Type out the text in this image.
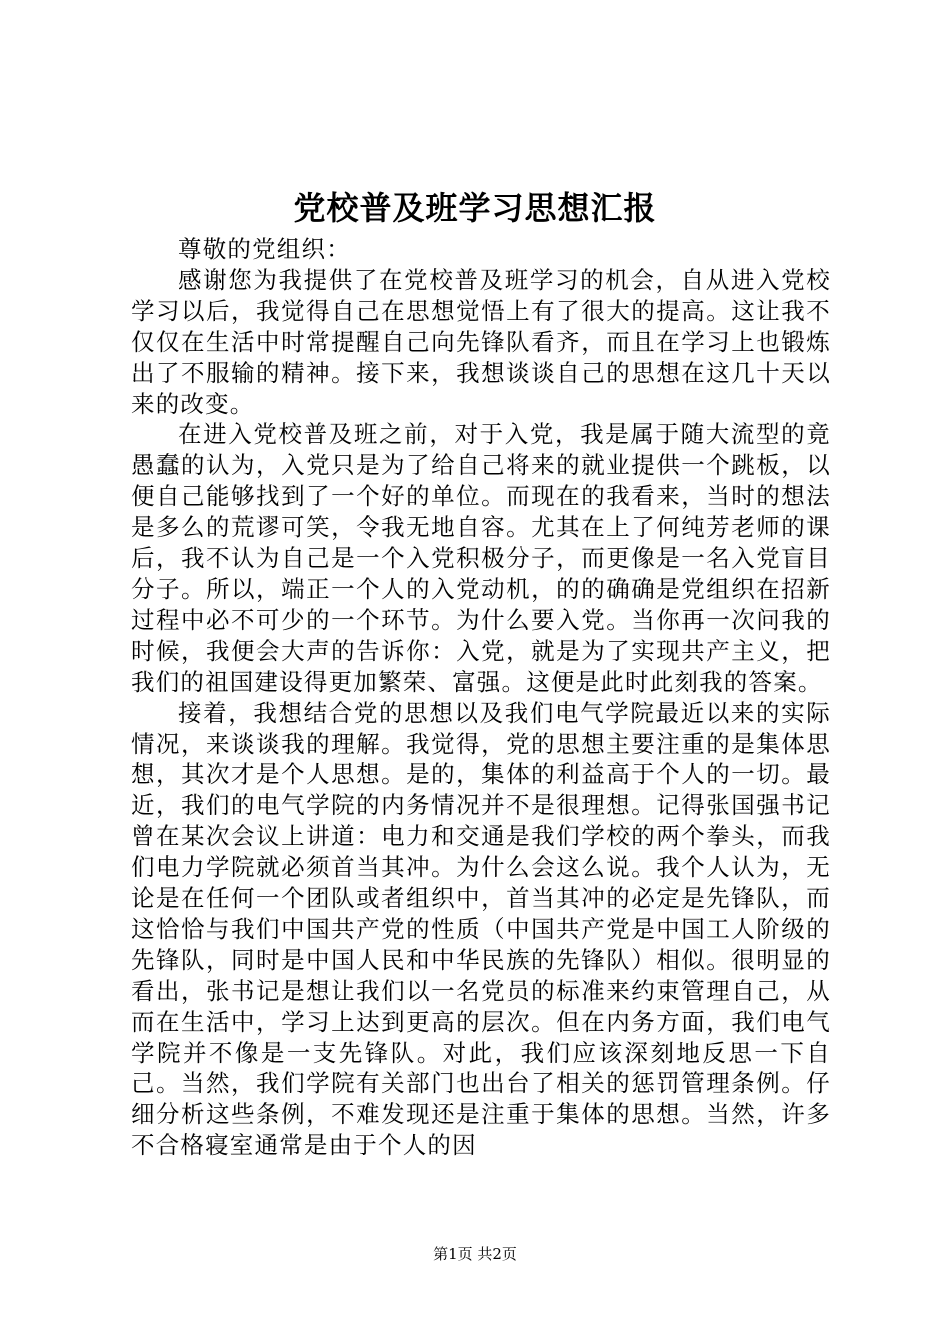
党校普及班学习思想汇报

尊敬的党组织：

感谢您为我提供了在党校普及班学习的机会，自从进入党校学习以后，我觉得自己在思想觉悟上有了很大的提高。这让我不仅仅在生活中时常提醒自己向先锋队看齐，而且在学习上也锻炼出了不服输的精神。接下来，我想谈谈自己的思想在这几十天以来的改变。

在进入党校普及班之前，对于入党，我是属于随大流型的竟愚蠢的认为，入党只是为了给自己将来的就业提供一个跳板，以便自己能够找到了一个好的单位。而现在的我看来，当时的想法是多么的荒谬可笑，令我无地自容。尤其在上了何纯芳老师的课后，我不认为自己是一个入党积极分子，而更像是一名入党盲目分子。所以，端正一个人的入党动机，的的确确是党组织在招新过程中必不可少的一个环节。为什么要入党。当你再一次问我的时候，我便会大声的告诉你：入党，就是为了实现共产主义，把我们的祖国建设得更加繁荣、富强。这便是此时此刻我的答案。

接着，我想结合党的思想以及我们电气学院最近以来的实际情况，来谈谈我的理解。我觉得，党的思想主要注重的是集体思想，其次才是个人思想。是的，集体的利益高于个人的一切。最近，我们的电气学院的内务情况并不是很理想。记得张国强书记曾在某次会议上讲道：电力和交通是我们学校的两个拳头，而我们电力学院就必须首当其冲。为什么会这么说。我个人认为，无论是在任何一个团队或者组织中，首当其冲的必定是先锋队，而这恰恰与我们中国共产党的性质（中国共产党是中国工人阶级的先锋队，同时是中国人民和中华民族的先锋队）相似。很明显的看出，张书记是想让我们以一名党员的标准来约束管理自己，从而在生活中，学习上达到更高的层次。但在内务方面，我们电气学院并不像是一支先锋队。对此，我们应该深刻地反思一下自己。当然，我们学院有关部门也出台了相关的惩罚管理条例。仔细分析这些条例，不难发现还是注重于集体的思想。当然，许多不合格寝室通常是由于个人的因

第1页 共2页
